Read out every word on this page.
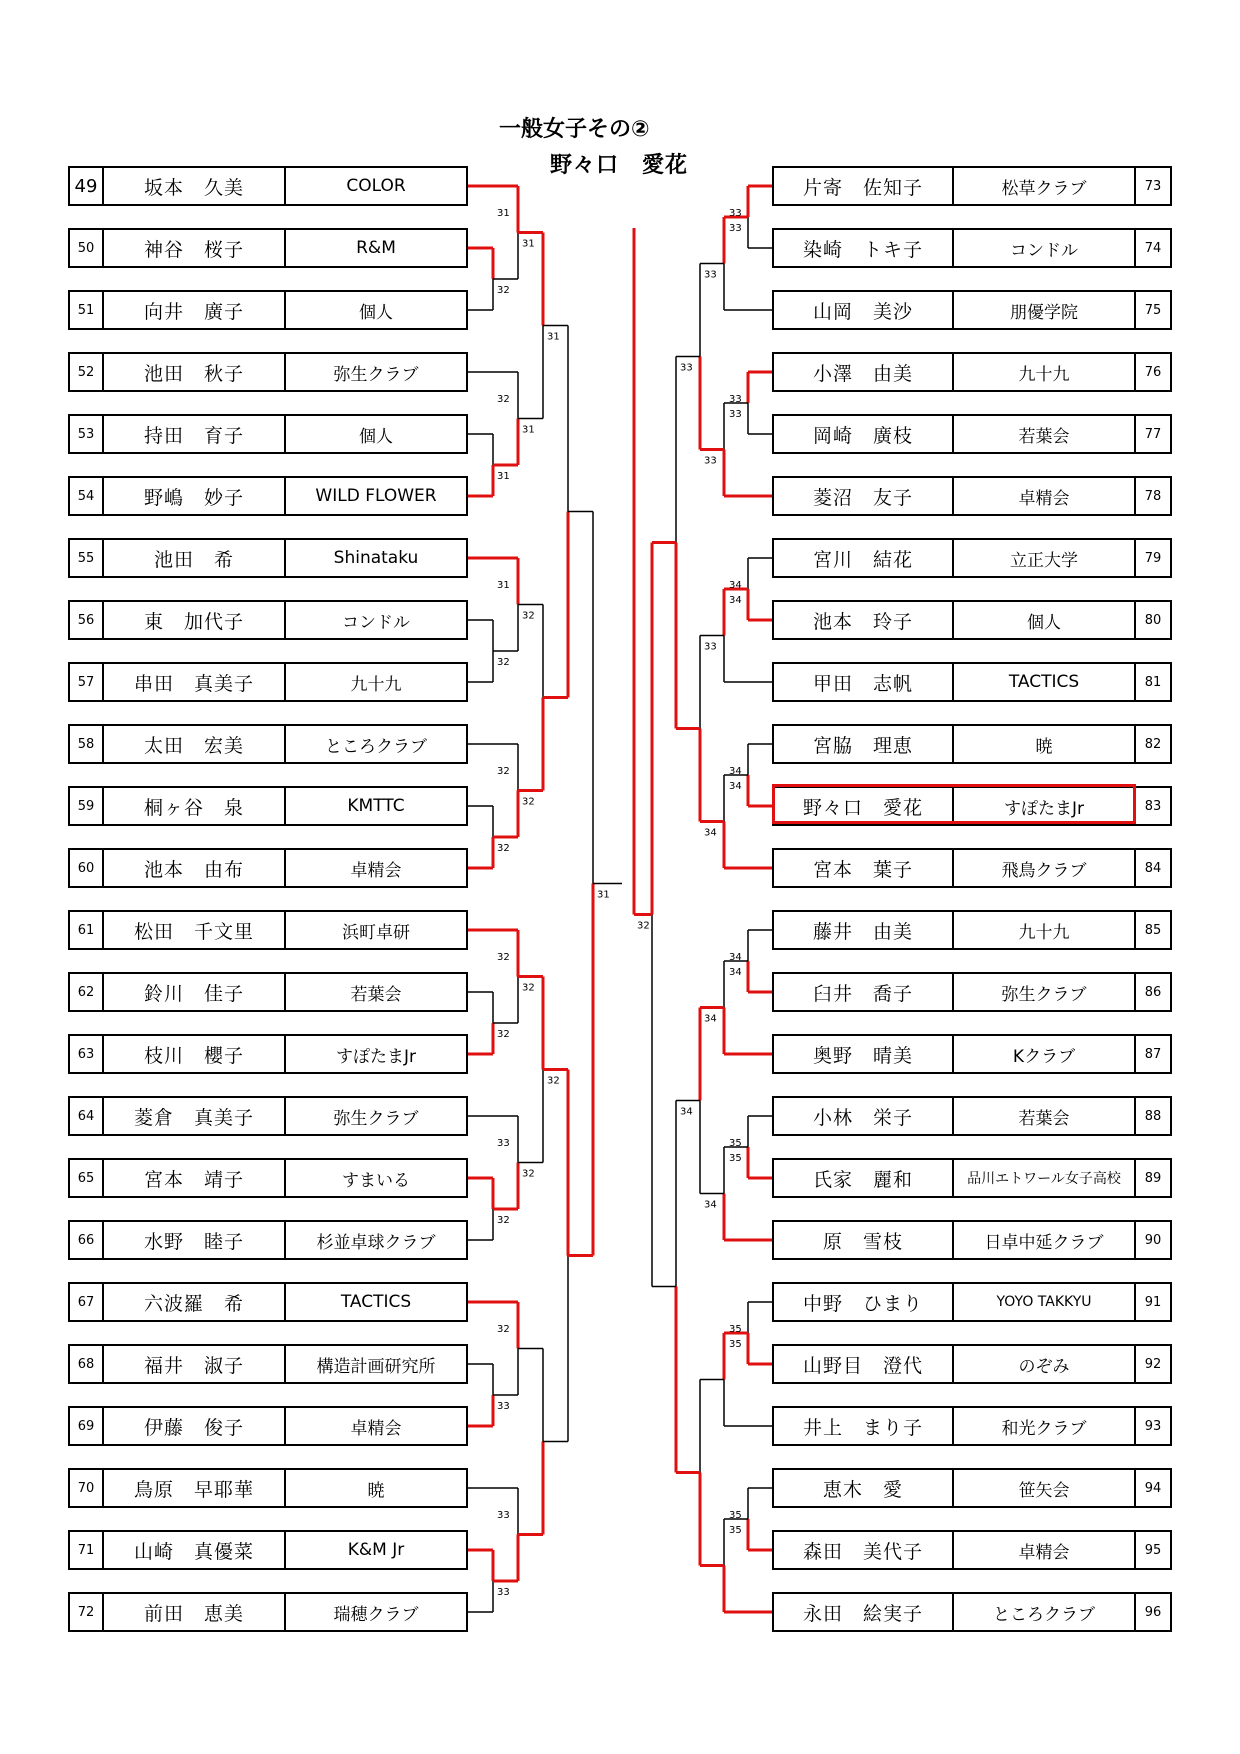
一般女子その②
野々口　愛花
49	坂本　久美	COLOR
50	神谷　桜子	R&M
51	向井　廣子	個人
52	池田　秋子	弥生クラブ
53	持田　育子	個人
54	野嶋　妙子	WILD FLOWER
55	池田　希	Shinataku
56	東　加代子	コンドル
57	串田　真美子	九十九
58	太田　宏美	ところクラブ
59	桐ヶ谷　泉	KMTTC
60	池本　由布	卓精会
61	松田　千文里	浜町卓研
62	鈴川　佳子	若葉会
63	枝川　櫻子	すぽたまJr
64	菱倉　真美子	弥生クラブ
65	宮本　靖子	すまいる
66	水野　睦子	杉並卓球クラブ
67	六波羅　希	TACTICS
68	福井　淑子	構造計画研究所
69	伊藤　俊子	卓精会
70	鳥原　早耶華	暁
71	山崎　真優菜	K&M Jr
72	前田　恵美	瑞穂クラブ
片寄　佐知子	松草クラブ	73
染崎　トキ子	コンドル	74
山岡　美沙	朋優学院	75
小澤　由美	九十九	76
岡崎　廣枝	若葉会	77
菱沼　友子	卓精会	78
宮川　結花	立正大学	79
池本　玲子	個人	80
甲田　志帆	TACTICS	81
宮脇　理恵	暁	82
野々口　愛花	すぽたまJr	83
宮本　葉子	飛鳥クラブ	84
藤井　由美	九十九	85
臼井　喬子	弥生クラブ	86
奥野　晴美	Kクラブ	87
小林　栄子	若葉会	88
氏家　麗和	品川エトワール女子高校	89
原　雪枝	日卓中延クラブ	90
中野　ひまり	YOYO TAKKYU	91
山野目　澄代	のぞみ	92
井上　まり子	和光クラブ	93
恵木　愛	笹矢会	94
森田　美代子	卓精会	95
永田　絵実子	ところクラブ	96
31
32
32
31
31
32
32
32
32
32
33
32
32
33
33
33
31
31
32
32
32
32
31
32
31
33
33
33
33
34
34
34
34
34
34
35
35
35
35
35
35
33
33
33
34
34
34
33
34
32
